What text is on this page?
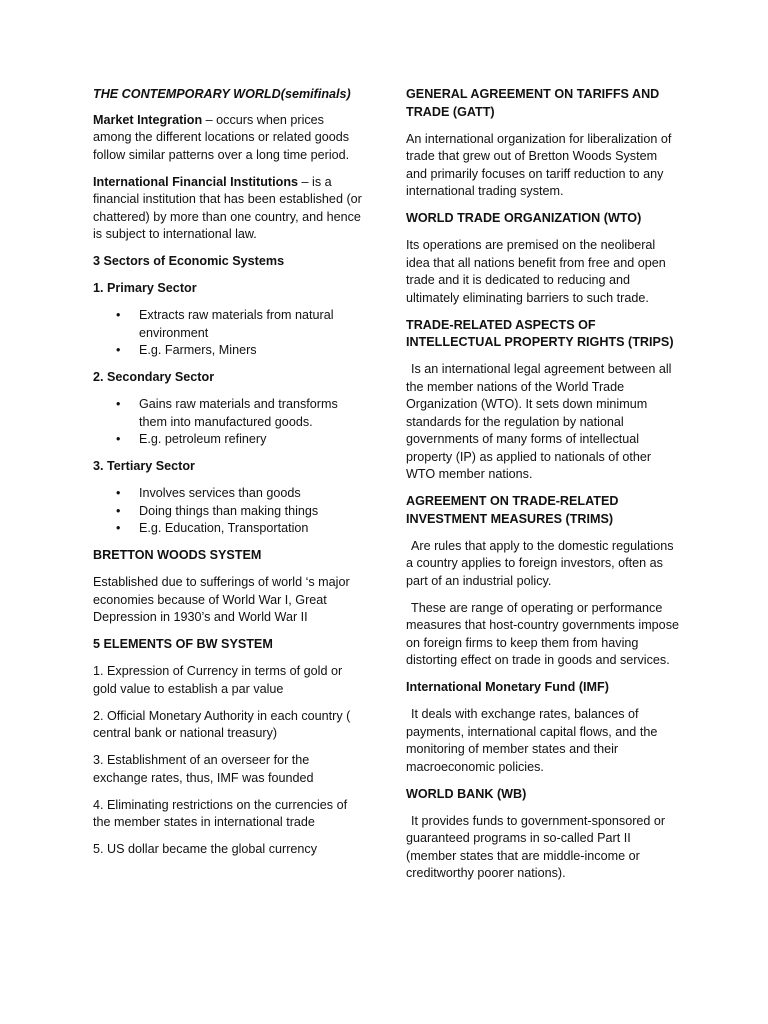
THE CONTEMPORARY WORLD(semifinals)

Market Integration – occurs when prices among the different locations or related goods follow similar patterns over a long time period.

International Financial Institutions – is a financial institution that has been established (or chattered) by more than one country, and hence is subject to international law.

3 Sectors of Economic Systems

1. Primary Sector

• Extracts raw materials from natural environment
• E.g. Farmers, Miners

2. Secondary Sector

• Gains raw materials and transforms them into manufactured goods.
• E.g. petroleum refinery

3. Tertiary Sector

• Involves services than goods
• Doing things than making things
• E.g. Education, Transportation

BRETTON WOODS SYSTEM

Established due to sufferings of world ‘s major economies because of World War I, Great Depression in 1930’s and World War II

5 ELEMENTS OF BW SYSTEM

1. Expression of Currency in terms of gold or gold value to establish a par value

2. Official Monetary Authority in each country ( central bank or national treasury)

3. Establishment of an overseer for the exchange rates, thus, IMF was founded

4. Eliminating restrictions on the currencies of the member states in international trade

5. US dollar became the global currency

GENERAL AGREEMENT ON TARIFFS AND TRADE (GATT)

An international organization for liberalization of trade that grew out of Bretton Woods System and primarily focuses on tariff reduction to any international trading system.

WORLD TRADE ORGANIZATION (WTO)

Its operations are premised on the neoliberal idea that all nations benefit from free and open trade and it is dedicated to reducing and ultimately eliminating barriers to such trade.

TRADE-RELATED ASPECTS OF INTELLECTUAL PROPERTY RIGHTS (TRIPS)

Is an international legal agreement between all the member nations of the World Trade Organization (WTO). It sets down minimum standards for the regulation by national governments of many forms of intellectual property (IP) as applied to nationals of other WTO member nations.

AGREEMENT ON TRADE-RELATED INVESTMENT MEASURES (TRIMS)

Are rules that apply to the domestic regulations a country applies to foreign investors, often as part of an industrial policy.

These are range of operating or performance measures that host-country governments impose on foreign firms to keep them from having distorting effect on trade in goods and services.

International Monetary Fund (IMF)

It deals with exchange rates, balances of payments, international capital flows, and the monitoring of member states and their macroeconomic policies.

WORLD BANK (WB)

It provides funds to government-sponsored or guaranteed programs in so-called Part II (member states that are middle-income or creditworthy poorer nations).
